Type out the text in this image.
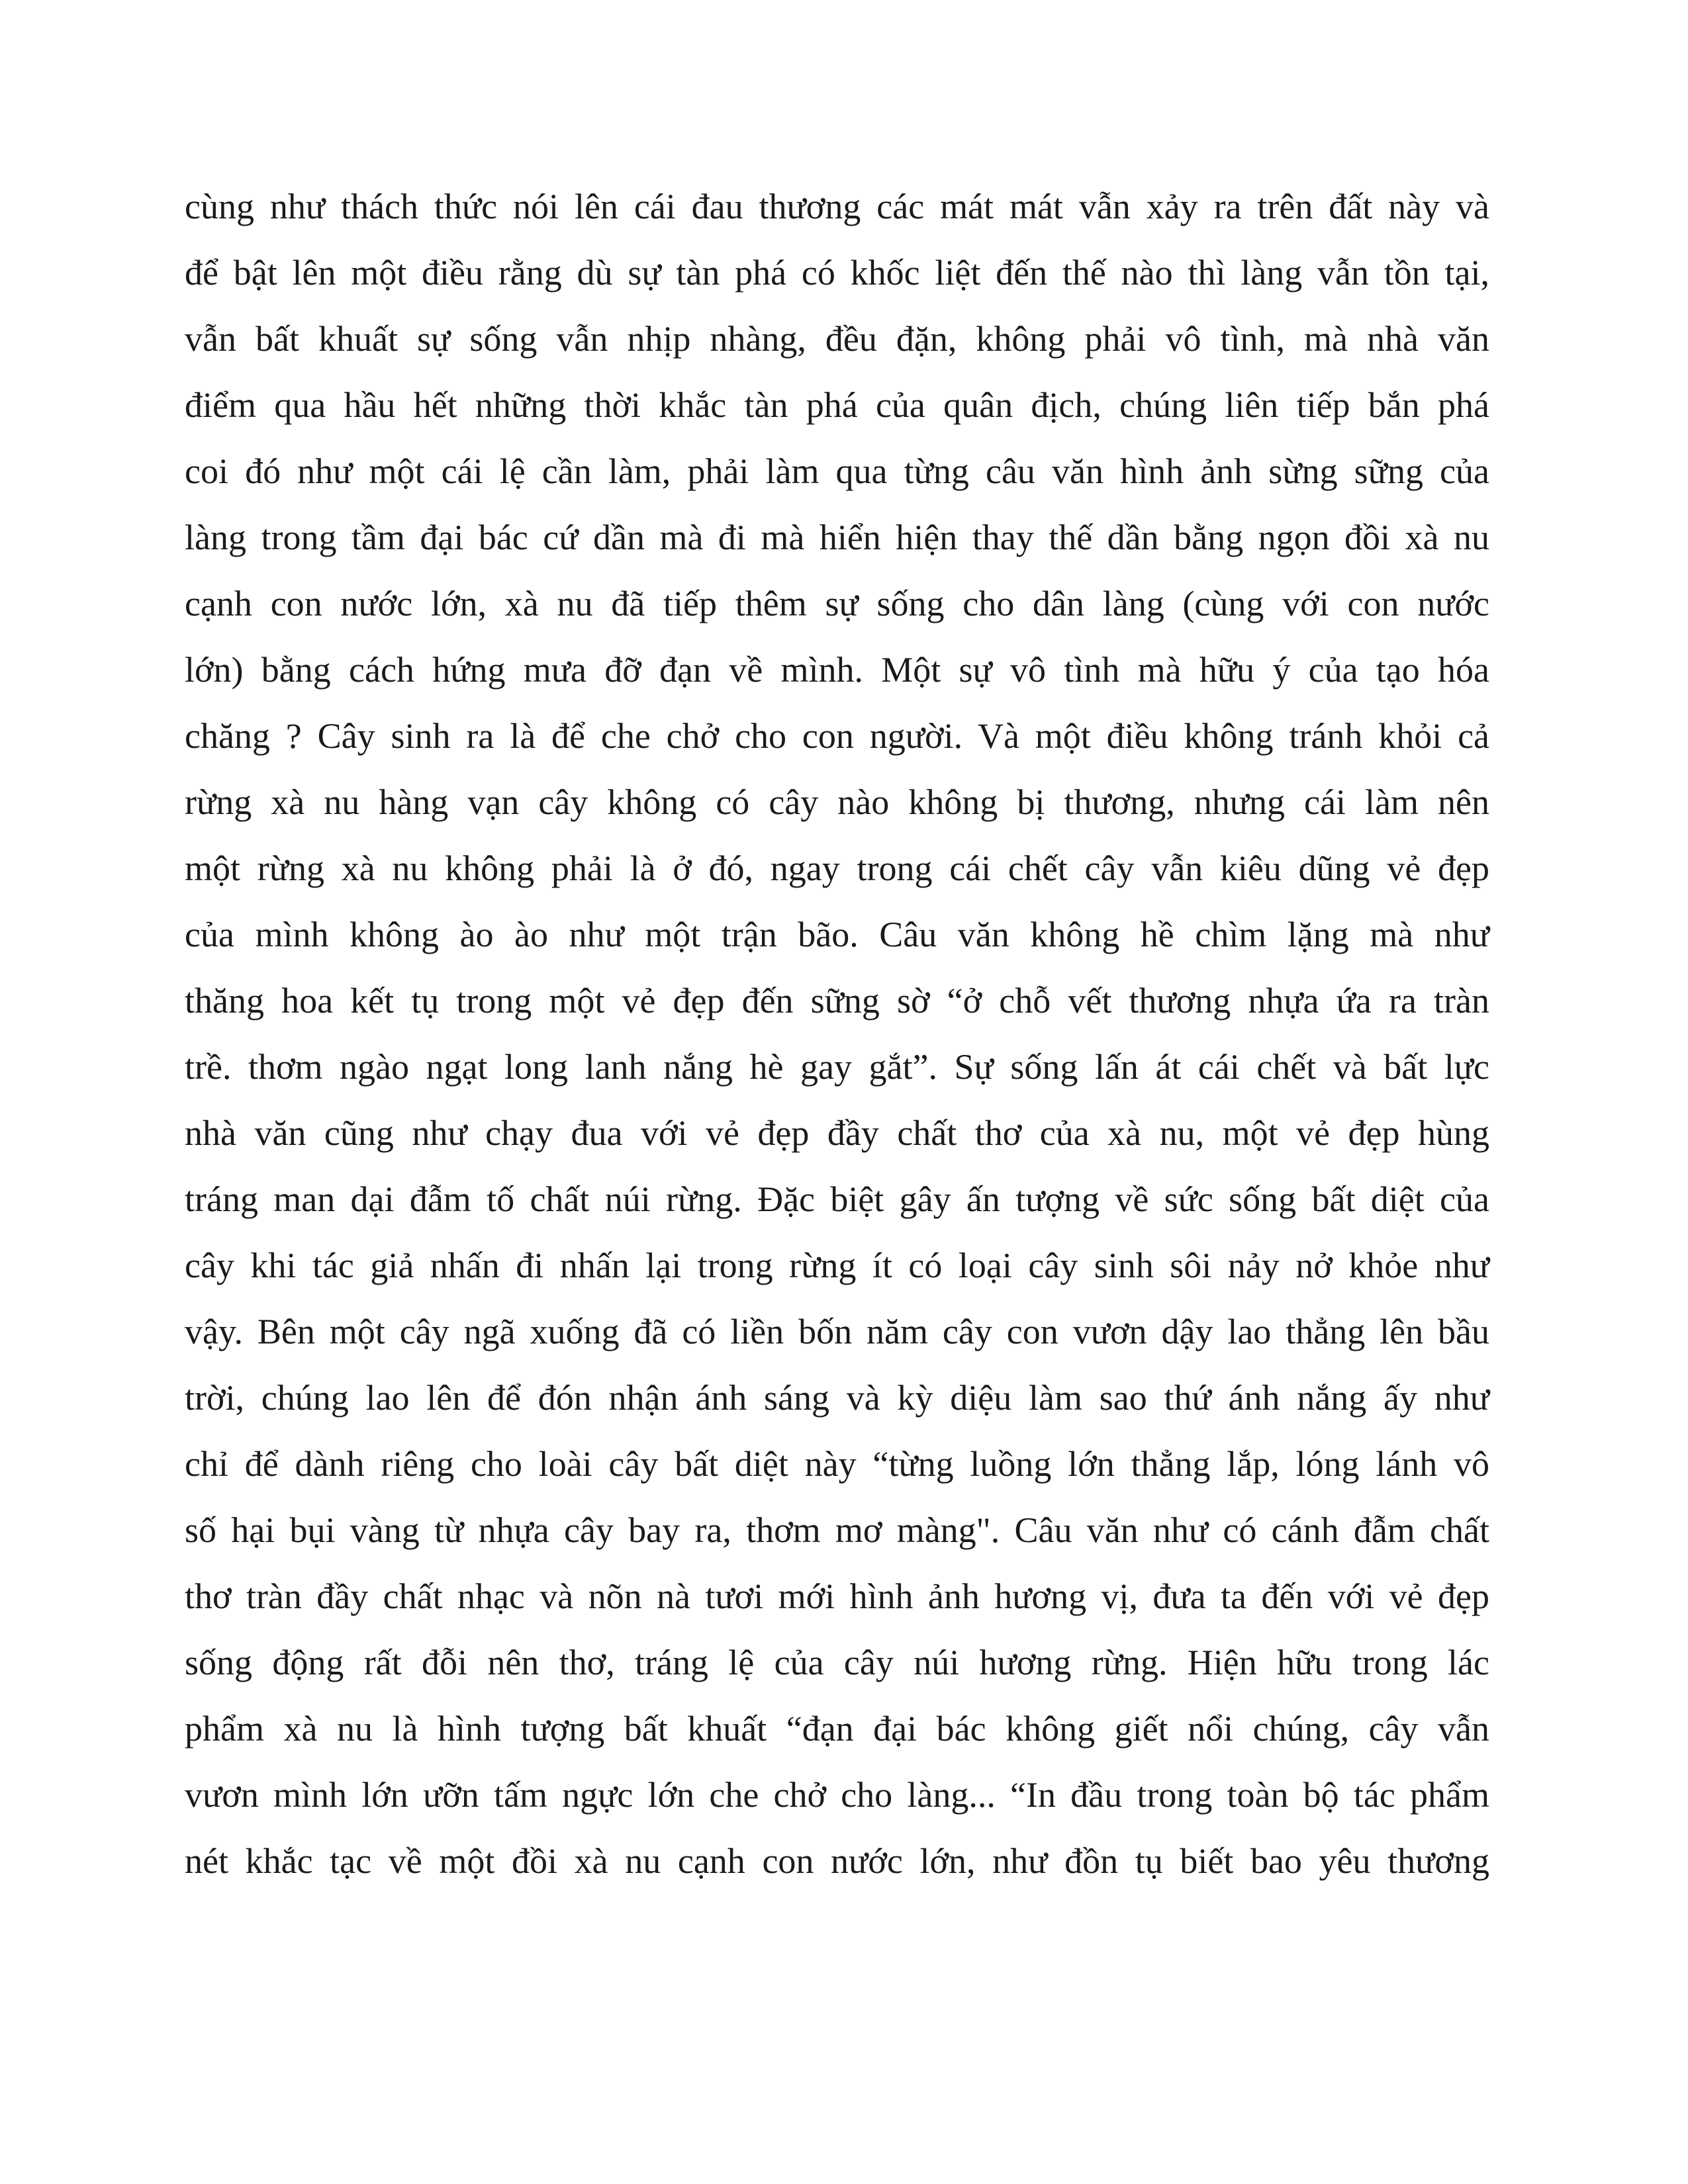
cùng như thách thức nói lên cái đau thương các mát mát vẫn xảy ra trên đất này và
để bật lên một điều rằng dù sự tàn phá có khốc liệt đến thế nào thì làng vẫn tồn tại,
vẫn bất khuất sự sống vẫn nhịp nhàng, đều đặn, không phải vô tình, mà nhà văn
điểm qua hầu hết những thời khắc tàn phá của quân địch, chúng liên tiếp bắn phá
coi đó như một cái lệ cần làm, phải làm qua từng câu văn hình ảnh sừng sững của
làng trong tầm đại bác cứ dần mà đi mà hiển hiện thay thế dần bằng ngọn đồi xà nu
cạnh con nước lớn, xà nu đã tiếp thêm sự sống cho dân làng (cùng với con nước
lớn) bằng cách hứng mưa đỡ đạn về mình. Một sự vô tình mà hữu ý của tạo hóa
chăng ? Cây sinh ra là để che chở cho con người. Và một điều không tránh khỏi cả
rừng xà nu hàng vạn cây không có cây nào không bị thương, nhưng cái làm nên
một rừng xà nu không phải là ở đó, ngay trong cái chết cây vẫn kiêu dũng vẻ đẹp
của mình không ào ào như một trận bão. Câu văn không hề chìm lặng mà như
thăng hoa kết tụ trong một vẻ đẹp đến sững sờ “ở chỗ vết thương nhựa ứa ra tràn
trề. thơm ngào ngạt long lanh nắng hè gay gắt”. Sự sống lấn át cái chết và bất lực
nhà văn cũng như chạy đua với vẻ đẹp đầy chất thơ của xà nu, một vẻ đẹp hùng
tráng man dại đẫm tố chất núi rừng. Đặc biệt gây ấn tượng về sức sống bất diệt của
cây khi tác giả nhấn đi nhấn lại trong rừng ít có loại cây sinh sôi nảy nở khỏe như
vậy. Bên một cây ngã xuống đã có liền bốn năm cây con vươn dậy lao thẳng lên bầu
trời, chúng lao lên để đón nhận ánh sáng và kỳ diệu làm sao thứ ánh nắng ấy như
chỉ để dành riêng cho loài cây bất diệt này “từng luồng lớn thẳng lắp, lóng lánh vô
số hại bụi vàng từ nhựa cây bay ra, thơm mơ màng". Câu văn như có cánh đẫm chất
thơ tràn đầy chất nhạc và nõn nà tươi mới hình ảnh hương vị, đưa ta đến với vẻ đẹp
sống động rất đỗi nên thơ, tráng lệ của cây núi hương rừng. Hiện hữu trong lác
phẩm xà nu là hình tượng bất khuất “đạn đại bác không giết nổi chúng, cây vẫn
vươn mình lớn ưỡn tấm ngực lớn che chở cho làng... “In đầu trong toàn bộ tác phẩm
nét khắc tạc về một đồi xà nu cạnh con nước lớn, như đồn tụ biết bao yêu thương
